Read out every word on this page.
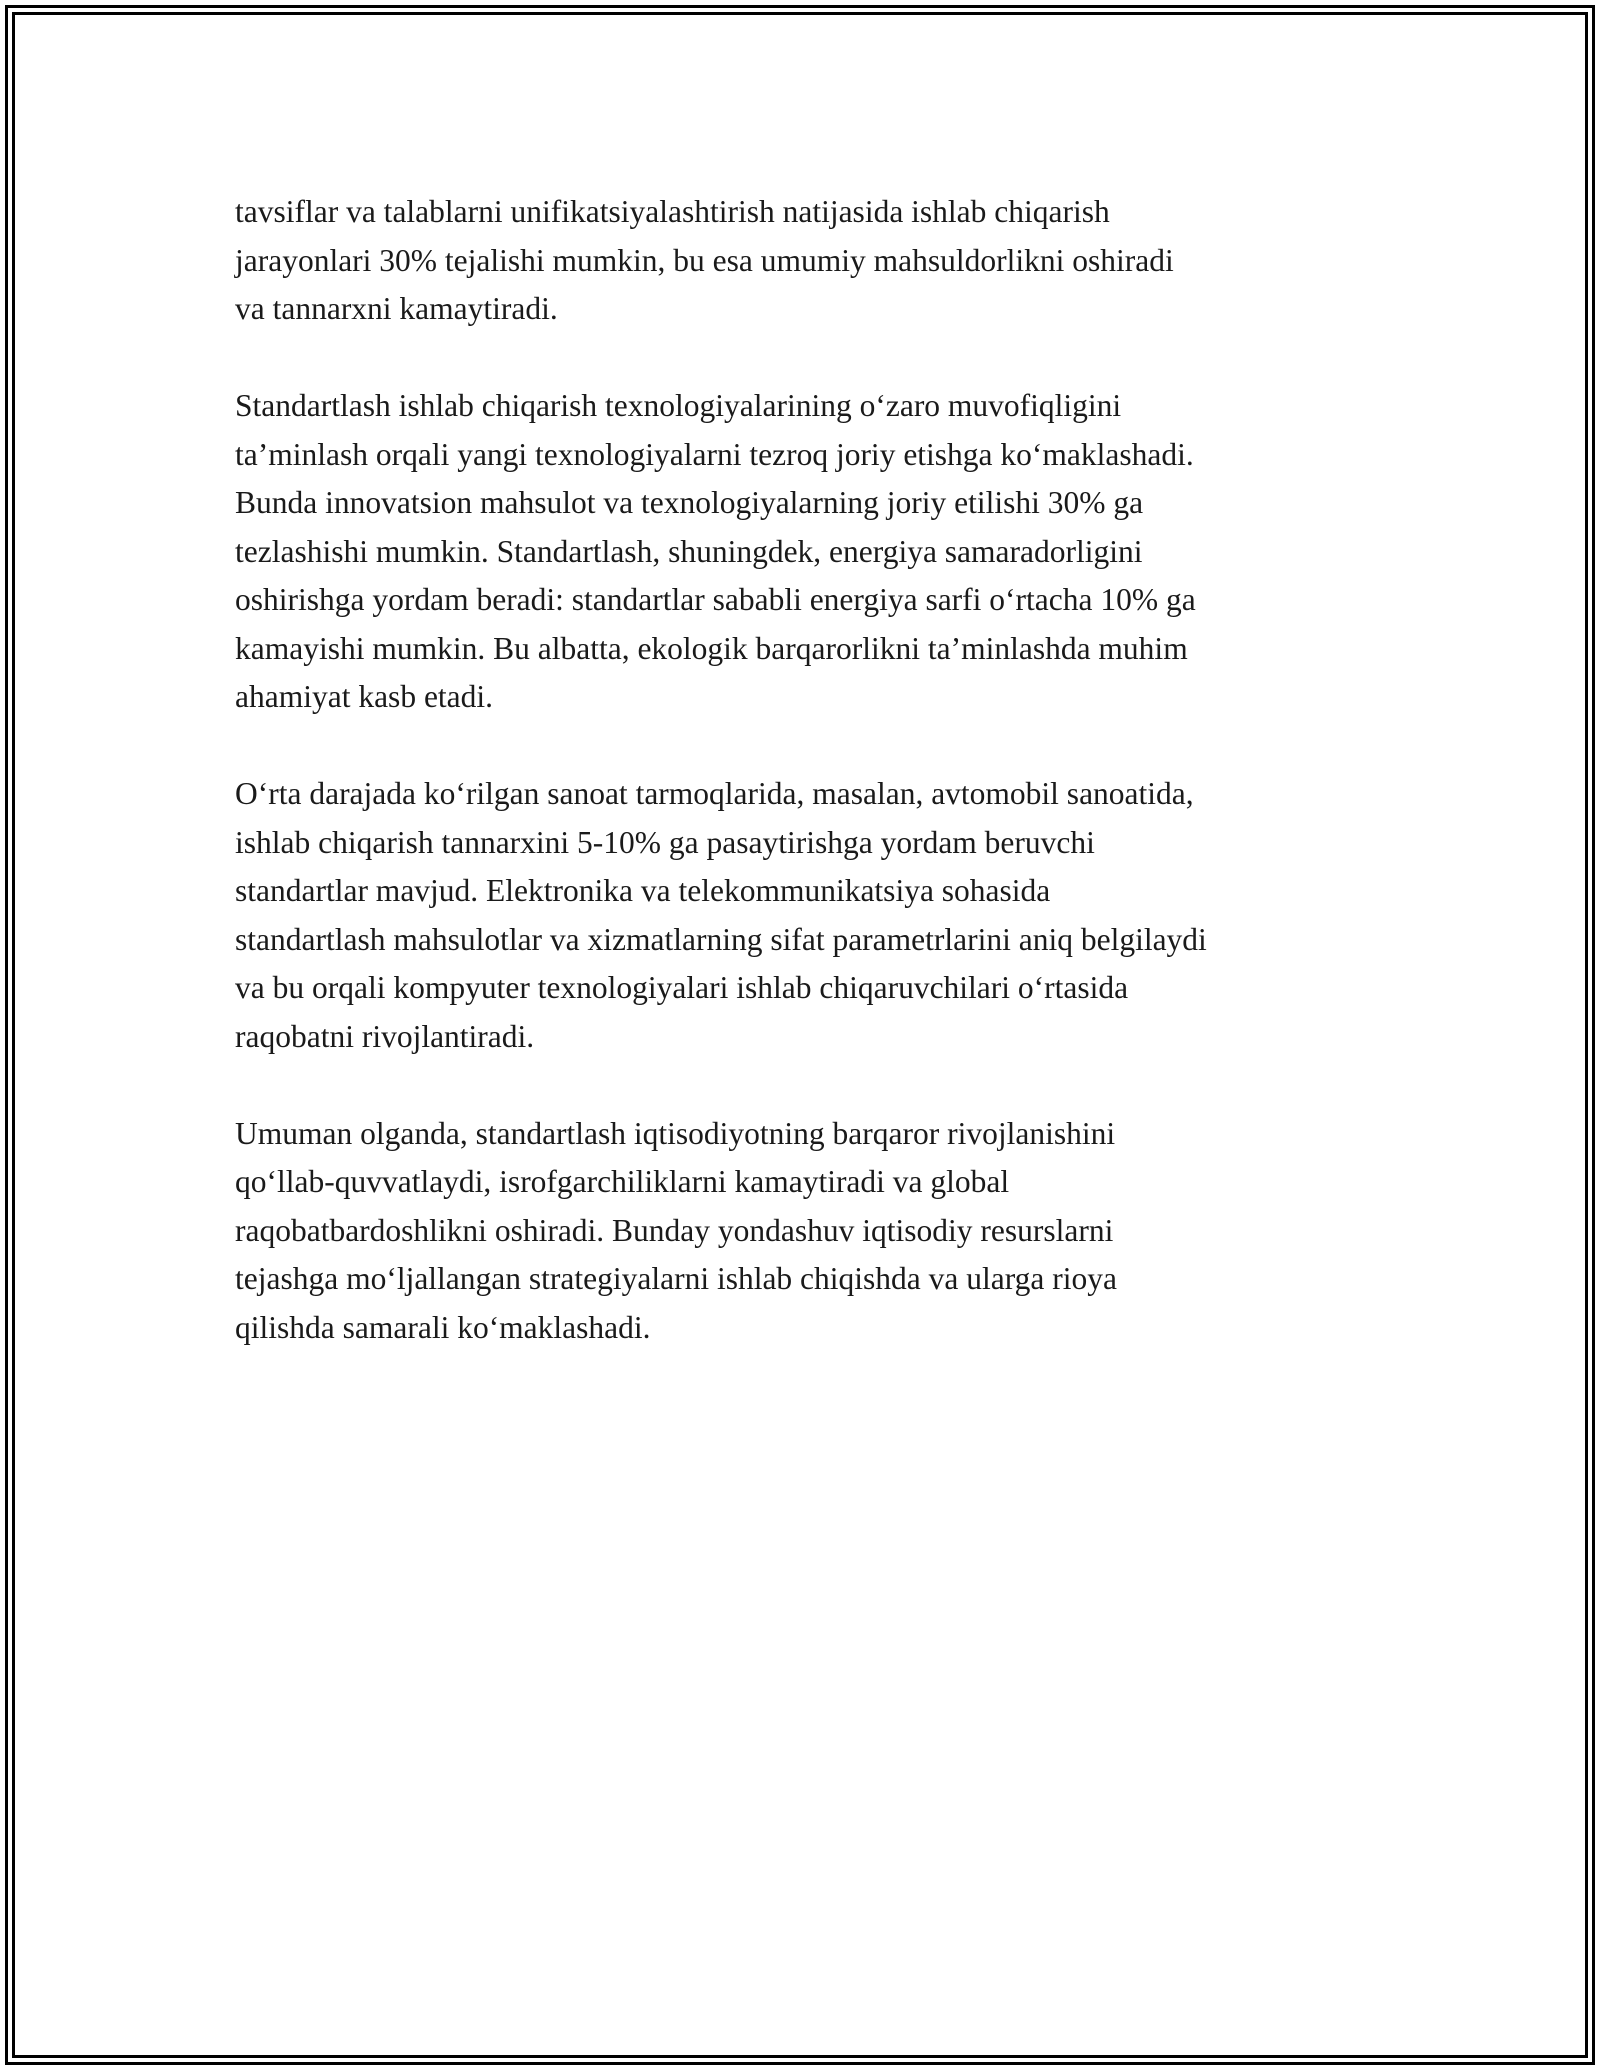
tavsiflar va talablarni unifikatsiyalashtirish natijasida ishlab chiqarish
jarayonlari 30% tejalishi mumkin, bu esa umumiy mahsuldorlikni oshiradi
va tannarxni kamaytiradi.

Standartlash ishlab chiqarish texnologiyalarining o‘zaro muvofiqligini
ta’minlash orqali yangi texnologiyalarni tezroq joriy etishga ko‘maklashadi.
Bunda innovatsion mahsulot va texnologiyalarning joriy etilishi 30% ga
tezlashishi mumkin. Standartlash, shuningdek, energiya samaradorligini
oshirishga yordam beradi: standartlar sababli energiya sarfi o‘rtacha 10% ga
kamayishi mumkin. Bu albatta, ekologik barqarorlikni ta’minlashda muhim
ahamiyat kasb etadi.

O‘rta darajada ko‘rilgan sanoat tarmoqlarida, masalan, avtomobil sanoatida,
ishlab chiqarish tannarxini 5-10% ga pasaytirishga yordam beruvchi
standartlar mavjud. Elektronika va telekommunikatsiya sohasida
standartlash mahsulotlar va xizmatlarning sifat parametrlarini aniq belgilaydi
va bu orqali kompyuter texnologiyalari ishlab chiqaruvchilari o‘rtasida
raqobatni rivojlantiradi.

Umuman olganda, standartlash iqtisodiyotning barqaror rivojlanishini
qo‘llab-quvvatlaydi, isrofgarchiliklarni kamaytiradi va global
raqobatbardoshlikni oshiradi. Bunday yondashuv iqtisodiy resurslarni
tejashga mo‘ljallangan strategiyalarni ishlab chiqishda va ularga rioya
qilishda samarali ko‘maklashadi.
